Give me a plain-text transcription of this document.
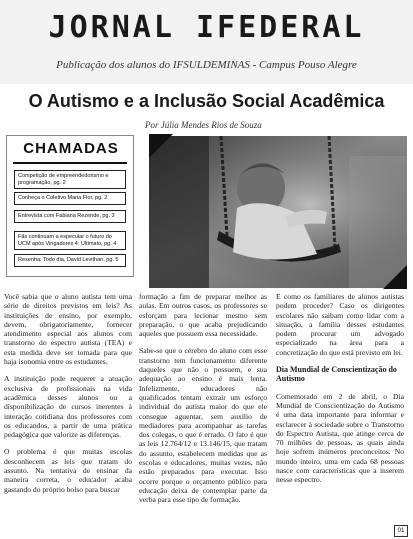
JORNAL IFEDERAL
Publicação dos alunos do IFSULDEMINAS - Campus Pouso Alegre
O Autismo e a Inclusão Social Acadêmica
Por Júlia Mendes Rios de Souza
CHAMADAS
Competição de empreendedorismo e programação, pg. 2
Conheça o Coletivo Maria Flor, pg. 2
Entrevista com Fabiana Rezende, pg. 3
Fãs continuam a especular o futuro do UCM após Vingadores 4: Ultimato, pg. 4
Resenha: Todo dia, David Levithan, pg. 5

Você sabia que o aluno autista tem uma série de direitos previstos em leis? As instituições de ensino, por exemplo, devem, obrigatoriamente, fornecer atendimento especial aos alunos com transtorno do espectro autista (TEA) e esta medida deve ser tomada para que haja isonomia entre os estudantes.

A instituição pode requerer a atuação exclusiva de profissionais na vida acadêmica desses alunos ou a disponibilização de cursos inerentes à interação cotidiana dos professores com os educandos, a partir de uma prática pedagógica que valorize as diferenças.

O problema é que muitas escolas desconhecem as leis que tratam do assunto. Na tentativa de ensinar da maneira correta, o educador acaba gastando do próprio bolso para buscar

formação a fim de preparar melhor as aulas. Em outros casos, os professores se esforçam para lecionar mesmo sem preparação, o que acaba prejudicando aqueles que possuem essa necessidade.

Sabe-se que o cérebro do aluno com esse transtorno tem funcionamento diferente daqueles que não o possuem, e sua adequação ao ensino é mais lenta. Infelizmente, educadores não qualificados tentam extrair um esforço individual do autista maior do que ele consegue aguentar, sem auxílio de mediadores para acompanhar as tarefas dos colegas, o que é errado. O fato é que as leis 12.764/12 e 13.146/15, que tratam do assunto, estabelecem medidas que as escolas e educadores, muitas vezes, não estão preparados para executar. Isso ocorre porque o orçamento público para educação deixa de contemplar parte da verba para esse tipo de formação.

E como os familiares de alunos autistas podem proceder? Caso os dirigentes escolares não saibam como lidar com a situação, a família desses estudantes podem procurar um advogado especializado na área para a concretização do que está previsto em lei.

Dia Mundial de Conscientização do Autismo

Comemorado em 2 de abril, o Dia Mundial de Conscientização do Autismo é uma data importante para informar e esclarecer à sociedade sobre o Transtorno do Espectro Autista, que atinge cerca de 70 milhões de pessoas, as quais ainda hoje sofrem inúmeros preconceitos. No mundo inteiro, uma em cada 68 pessoas nasce com características que a inserem nesse espectro.

01
